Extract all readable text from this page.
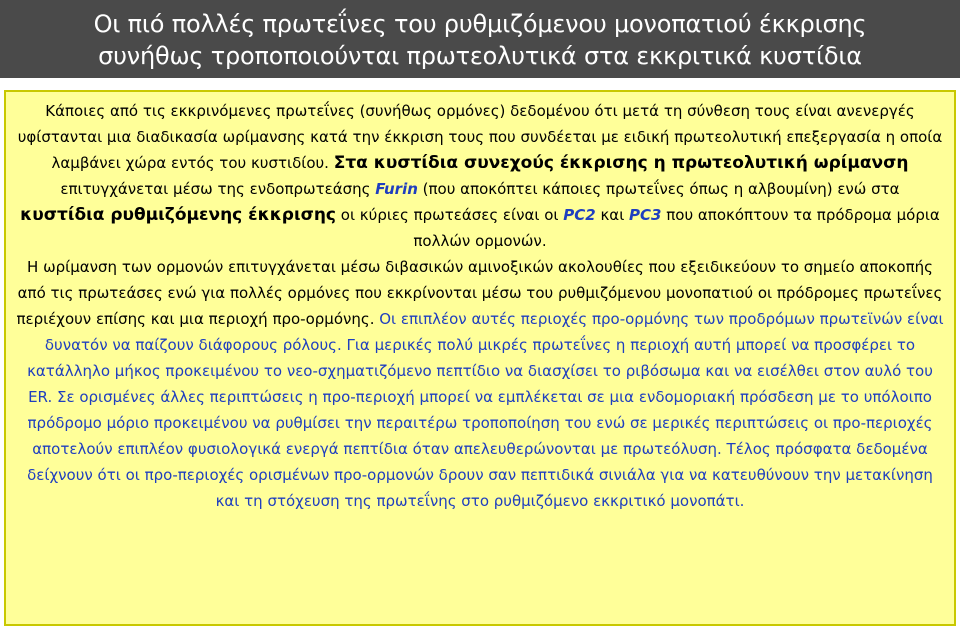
Οι πιό πολλές πρωτεΐνες του ρυθμιζόμενου μονοπατιού έκκρισης
συνήθως τροποποιούνται πρωτεολυτικά στα εκκριτικά κυστίδια

Κάποιες από τις εκκρινόμενες πρωτεΐνες (συνήθως ορμόνες) δεδομένου ότι μετά τη σύνθεση τους είναι ανενεργές υφίστανται μια διαδικασία ωρίμανσης κατά την έκκριση τους που συνδέεται με ειδική πρωτεολυτική επεξεργασία η οποία λαμβάνει χώρα εντός του κυστιδίου. Στα κυστίδια συνεχούς έκκρισης η πρωτεολυτική ωρίμανση επιτυγχάνεται μέσω της ενδοπρωτεάσης Furin (που αποκόπτει κάποιες πρωτεΐνες όπως η αλβουμίνη) ενώ στα κυστίδια ρυθμιζόμενης έκκρισης οι κύριες πρωτεάσες είναι οι PC2 και PC3 που αποκόπτουν τα πρόδρομα μόρια πολλών ορμονών.

Η ωρίμανση των ορμονών επιτυγχάνεται μέσω διβασικών αμινοξικών ακολουθίες που εξειδικεύουν το σημείο αποκοπής από τις πρωτεάσες ενώ για πολλές ορμόνες που εκκρίνονται μέσω του ρυθμιζόμενου μονοπατιού οι πρόδρομες πρωτεΐνες περιέχουν επίσης και μια περιοχή προ-ορμόνης. Οι επιπλέον αυτές περιοχές προ-ορμόνης των προδρόμων πρωτεϊνών είναι δυνατόν να παίζουν διάφορους ρόλους. Για μερικές πολύ μικρές πρωτεΐνες η περιοχή αυτή μπορεί να προσφέρει το κατάλληλο μήκος προκειμένου το νεο-σχηματιζόμενο πεπτίδιο να διασχίσει το ριβόσωμα και να εισέλθει στον αυλό του ER. Σε ορισμένες άλλες περιπτώσεις η προ-περιοχή μπορεί να εμπλέκεται σε μια ενδομοριακή πρόσδεση με το υπόλοιπο πρόδρομο μόριο προκειμένου να ρυθμίσει την περαιτέρω τροποποίηση του ενώ σε μερικές περιπτώσεις οι προ-περιοχές αποτελούν επιπλέον φυσιολογικά ενεργά πεπτίδια όταν απελευθερώνονται με πρωτεόλυση. Τέλος πρόσφατα δεδομένα δείχνουν ότι οι προ-περιοχές ορισμένων προ-ορμονών δρουν σαν πεπτιδικά σινιάλα για να κατευθύνουν την μετακίνηση και τη στόχευση της πρωτεΐνης στο ρυθμιζόμενο εκκριτικό μονοπάτι.
